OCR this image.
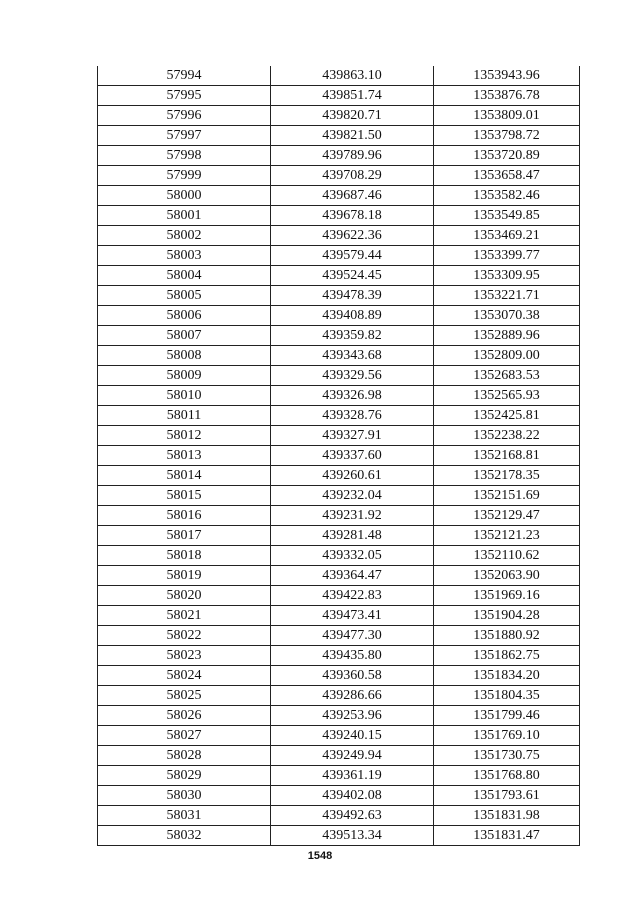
57994	439863.10	1353943.96
57995	439851.74	1353876.78
57996	439820.71	1353809.01
57997	439821.50	1353798.72
57998	439789.96	1353720.89
57999	439708.29	1353658.47
58000	439687.46	1353582.46
58001	439678.18	1353549.85
58002	439622.36	1353469.21
58003	439579.44	1353399.77
58004	439524.45	1353309.95
58005	439478.39	1353221.71
58006	439408.89	1353070.38
58007	439359.82	1352889.96
58008	439343.68	1352809.00
58009	439329.56	1352683.53
58010	439326.98	1352565.93
58011	439328.76	1352425.81
58012	439327.91	1352238.22
58013	439337.60	1352168.81
58014	439260.61	1352178.35
58015	439232.04	1352151.69
58016	439231.92	1352129.47
58017	439281.48	1352121.23
58018	439332.05	1352110.62
58019	439364.47	1352063.90
58020	439422.83	1351969.16
58021	439473.41	1351904.28
58022	439477.30	1351880.92
58023	439435.80	1351862.75
58024	439360.58	1351834.20
58025	439286.66	1351804.35
58026	439253.96	1351799.46
58027	439240.15	1351769.10
58028	439249.94	1351730.75
58029	439361.19	1351768.80
58030	439402.08	1351793.61
58031	439492.63	1351831.98
58032	439513.34	1351831.47
1548
